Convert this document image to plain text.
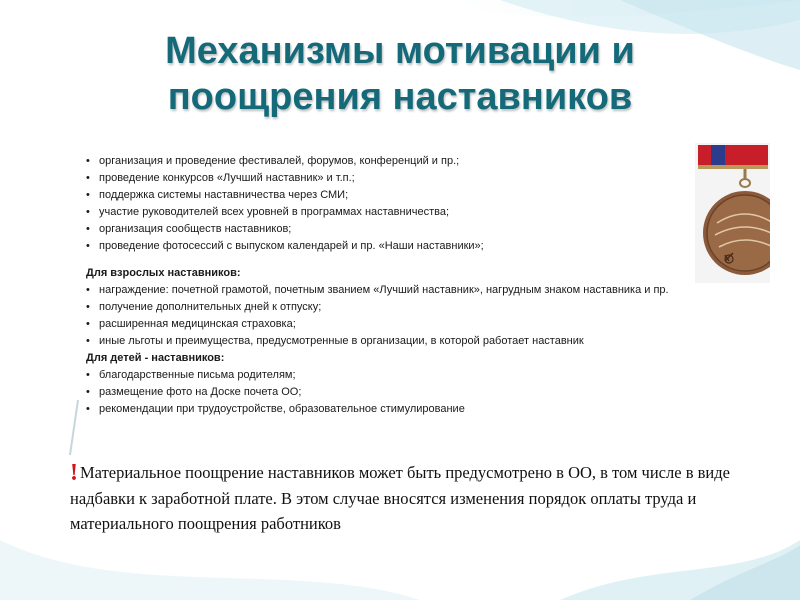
Механизмы мотивации и
поощрения наставников
• организация и проведение фестивалей, форумов, конференций и пр.;
• проведение конкурсов «Лучший наставник» и т.п.;
• поддержка системы наставничества через СМИ;
• участие руководителей всех уровней в программах наставничества;
• организация сообществ наставников;
• проведение фотосессий с выпуском календарей и пр. «Наши наставники»;
Для взрослых наставников:
• награждение: почетной грамотой, почетным званием «Лучший наставник», нагрудным знаком наставника и пр.
• получение дополнительных дней к отпуску;
• расширенная медицинская страховка;
• иные льготы и преимущества, предусмотренные в организации, в которой работает наставник
Для детей - наставников:
• благодарственные письма родителям;
• размещение фото на Доске почета ОО;
• рекомендации при трудоустройстве, образовательное стимулирование
! Материальное поощрение наставников может быть предусмотрено в ОО, в том числе в виде надбавки к заработной плате. В этом случае вносятся изменения порядок оплаты труда и материального поощрения работников
